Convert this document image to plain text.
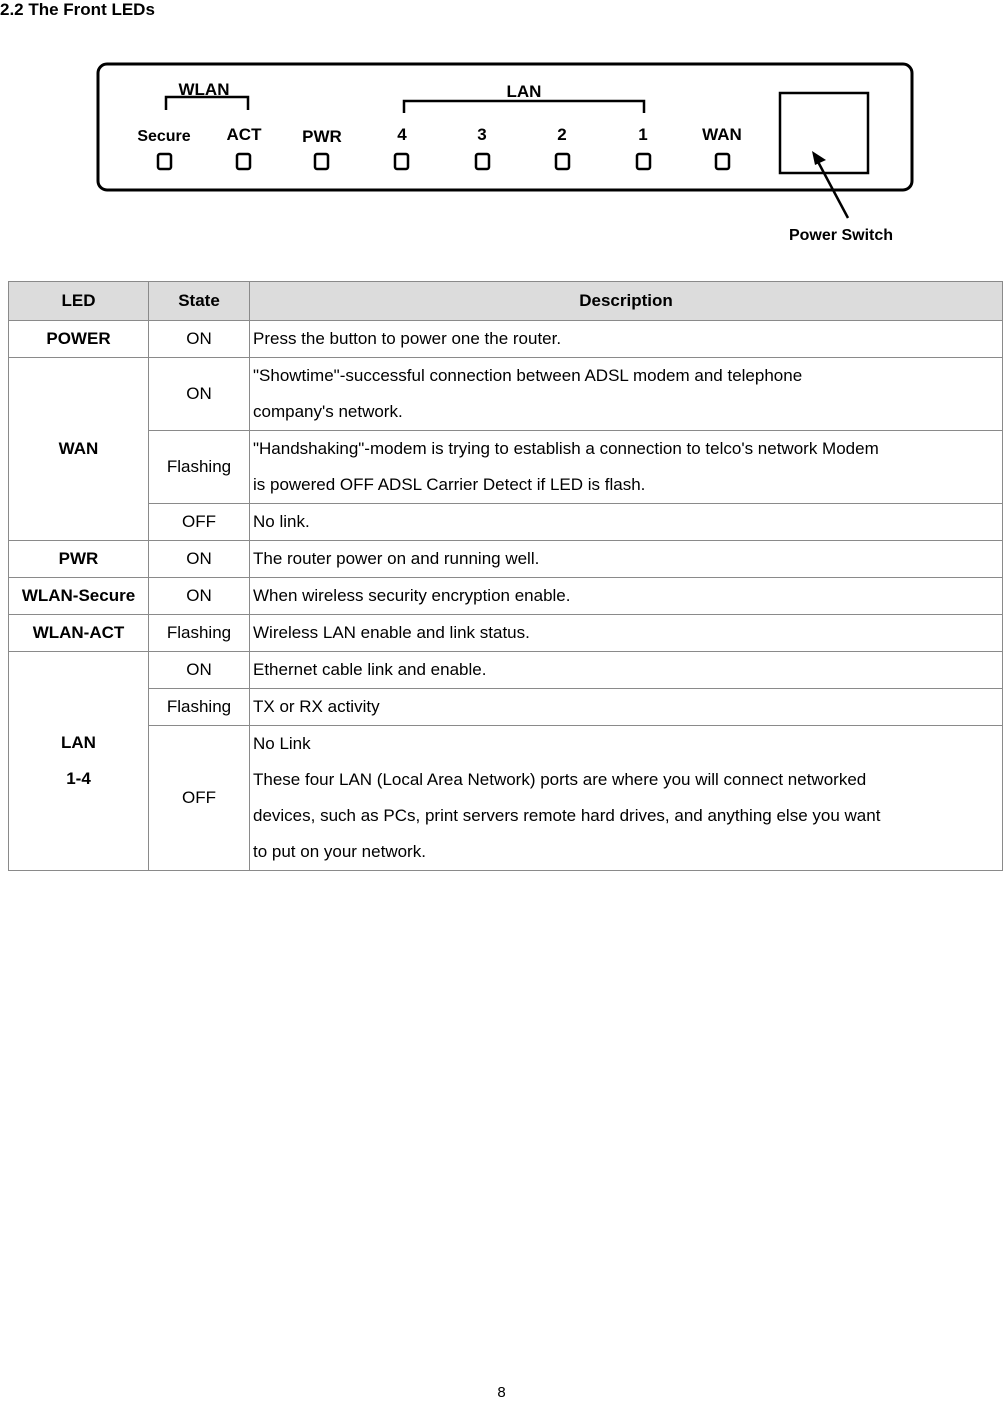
2.2 The Front LEDs
WLAN	LAN
Secure ACT PWR	4	3	2	1	WAN
Power Switch
LED	State	Description
POWER	ON	Press the button to power one the router.

WAN	ON	"Showtime"-successful connection between ADSL modem and telephone
company's network.

	Flashing	"Handshaking"-modem is trying to establish a connection to telco's network Modem
is powered OFF ADSL Carrier Detect if LED is flash.

	OFF	No link.

PWR	ON	The router power on and running well.

WLAN-Secure	ON	When wireless security encryption enable.

WLAN-ACT	Flashing	Wireless LAN enable and link status.

LAN
1-4	ON	Ethernet cable link and enable.

	Flashing	TX or RX activity

	OFF	No Link
These four LAN (Local Area Network) ports are where you will connect networked
devices, such as PCs, print servers remote hard drives, and anything else you want
to put on your network.
8
